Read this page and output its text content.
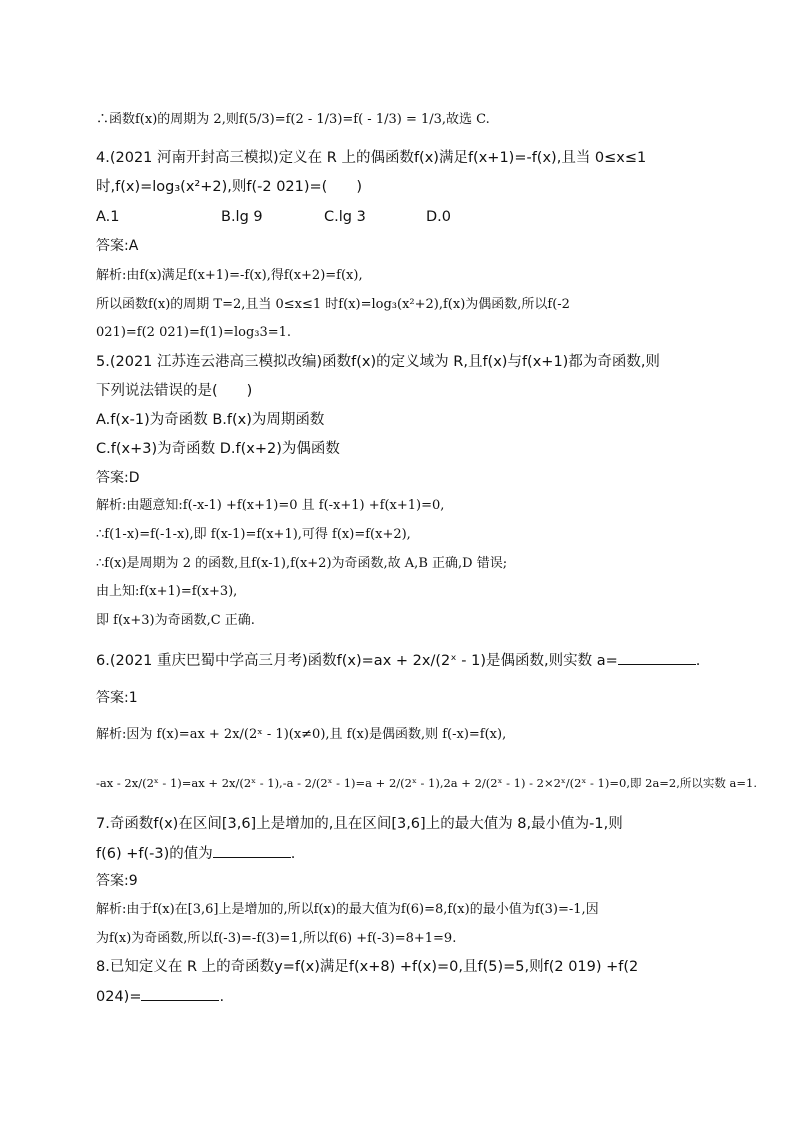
∴函数f(x)的周期为 2,则f(5/3)=f(2 - 1/3)=f( - 1/3) = 1/3,故选 C.
4.(2021 河南开封高三模拟)定义在 R 上的偶函数f(x)满足f(x+1)=-f(x),且当 0≤x≤1
时,f(x)=log₃(x²+2),则f(-2 021)=(　　)
A.1	B.lg 9	C.lg 3	D.0
答案:A
解析:由f(x)满足f(x+1)=-f(x),得f(x+2)=f(x),
所以函数f(x)的周期 T=2,且当 0≤x≤1 时f(x)=log₃(x²+2),f(x)为偶函数,所以f(-2
021)=f(2 021)=f(1)=log₃3=1.
5.(2021 江苏连云港高三模拟改编)函数f(x)的定义域为 R,且f(x)与f(x+1)都为奇函数,则
下列说法错误的是(　　)
A.f(x-1)为奇函数 B.f(x)为周期函数
C.f(x+3)为奇函数 D.f(x+2)为偶函数
答案:D
解析:由题意知:f(-x-1) +f(x+1)=0 且 f(-x+1) +f(x+1)=0,
∴f(1-x)=f(-1-x),即 f(x-1)=f(x+1),可得 f(x)=f(x+2),
∴f(x)是周期为 2 的函数,且f(x-1),f(x+2)为奇函数,故 A,B 正确,D 错误;
由上知:f(x+1)=f(x+3),
即 f(x+3)为奇函数,C 正确.
6.(2021 重庆巴蜀中学高三月考)函数f(x)=ax + 2x/(2ˣ - 1)是偶函数,则实数 a=	.
答案:1
解析:因为 f(x)=ax + 2x/(2ˣ - 1)(x≠0),且 f(x)是偶函数,则 f(-x)=f(x),
-ax - 2x/(2ˣ - 1)=ax + 2x/(2ˣ - 1),-a - 2/(2ˣ - 1)=a + 2/(2ˣ - 1),2a + 2/(2ˣ - 1) - 2×2ˣ/(2ˣ - 1)=0,即 2a=2,所以实数 a=1.
7.奇函数f(x)在区间[3,6]上是增加的,且在区间[3,6]上的最大值为 8,最小值为-1,则
f(6) +f(-3)的值为	.
答案:9
解析:由于f(x)在[3,6]上是增加的,所以f(x)的最大值为f(6)=8,f(x)的最小值为f(3)=-1,因
为f(x)为奇函数,所以f(-3)=-f(3)=1,所以f(6) +f(-3)=8+1=9.
8.已知定义在 R 上的奇函数y=f(x)满足f(x+8) +f(x)=0,且f(5)=5,则f(2 019) +f(2
024)=	.
